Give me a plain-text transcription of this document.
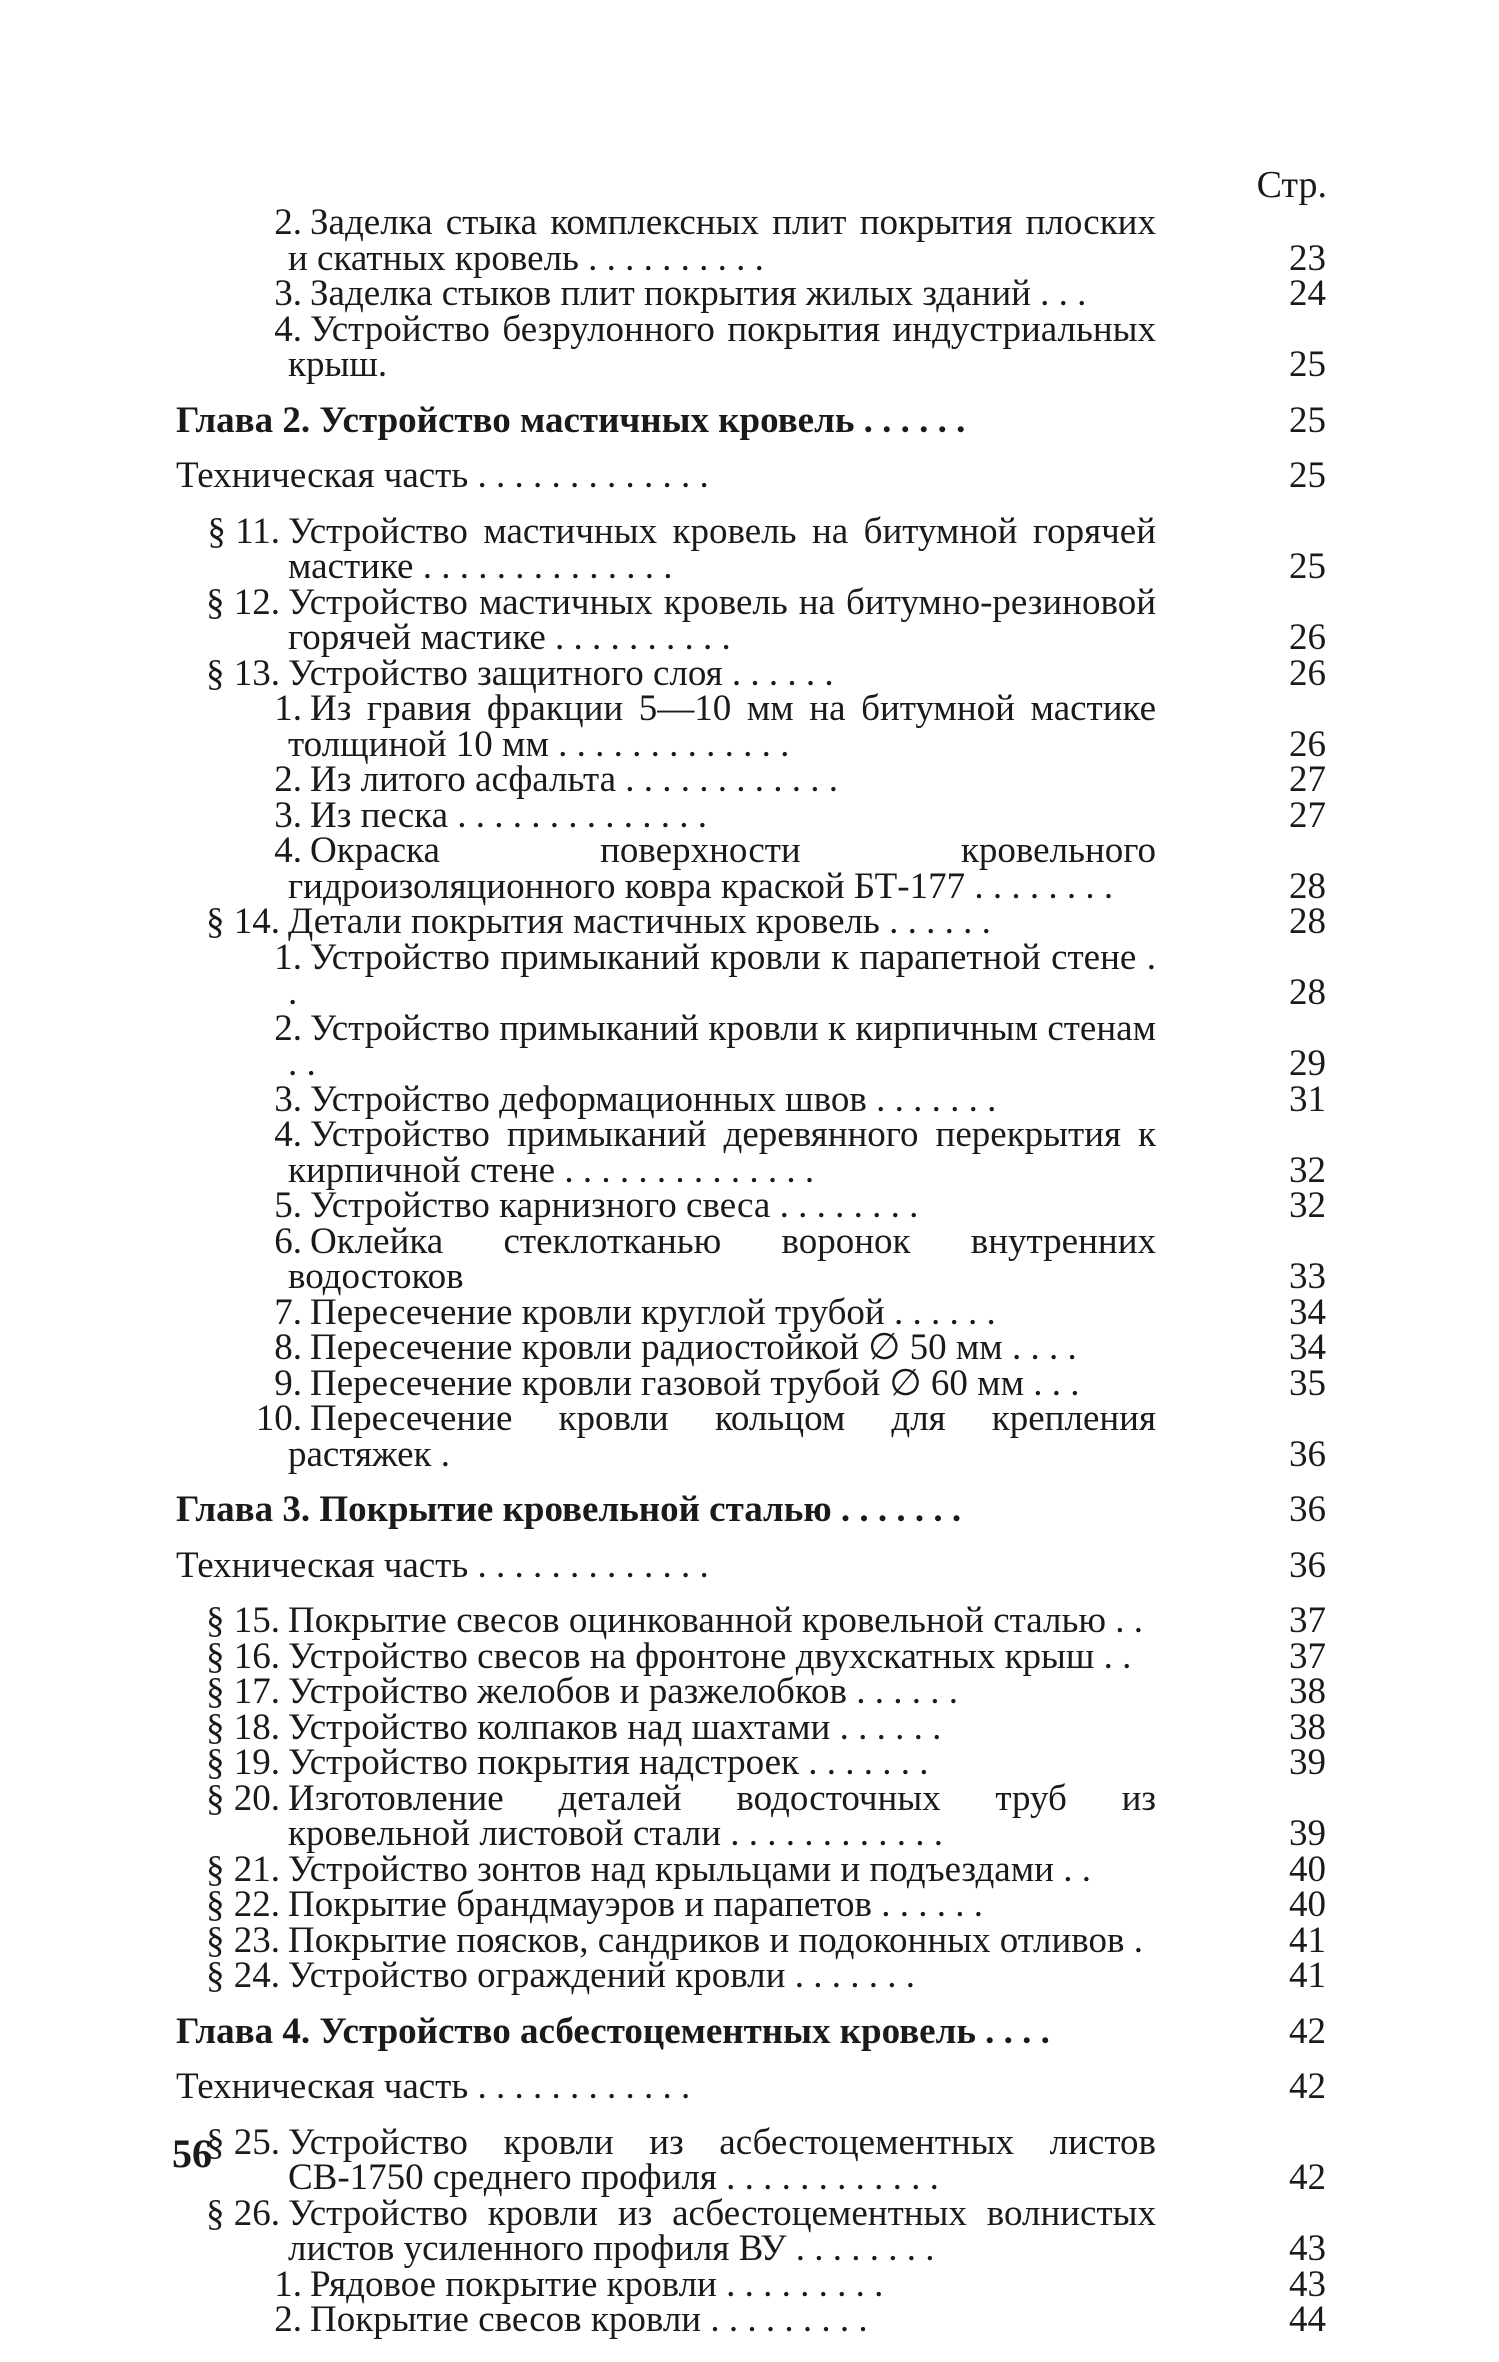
Стр.
2. Заделка стыка комплексных плит покрытия плоских и скатных кровель . . . . . . . . . .	23
3. Заделка стыков плит покрытия жилых зданий . . .	24
4. Устройство безрулонного покрытия индустриальных крыш.	25
Глава 2. Устройство мастичных кровель . . . . . .	25
Техническая часть . . . . . . . . . . . . .	25
§ 11. Устройство мастичных кровель на битумной горячей мастике . . . . . . . . . . . . . .	25
§ 12. Устройство мастичных кровель на битумно-резиновой горячей мастике . . . . . . . . . .	26
§ 13. Устройство защитного слоя . . . . . .	26
1. Из гравия фракции 5—10 мм на битумной мастике толщиной 10 мм . . . . . . . . . . . . .	26
2. Из литого асфальта . . . . . . . . . . . .	27
3. Из песка . . . . . . . . . . . . . .	27
4. Окраска поверхности кровельного гидроизоляционного ковра краской БТ-177 . . . . . . . .	28
§ 14. Детали покрытия мастичных кровель . . . . . .	28
1. Устройство примыканий кровли к парапетной стене . .	28
2. Устройство примыканий кровли к кирпичным стенам . .	29
3. Устройство деформационных швов . . . . . . .	31
4. Устройство примыканий деревянного перекрытия к кирпичной стене . . . . . . . . . . . . . .	32
5. Устройство карнизного свеса . . . . . . . .	32
6. Оклейка стеклотканью воронок внутренних водостоков	33
7. Пересечение кровли круглой трубой . . . . . .	34
8. Пересечение кровли радиостойкой ∅ 50 мм . . . .	34
9. Пересечение кровли газовой трубой ∅ 60 мм . . .	35
10. Пересечение кровли кольцом для крепления растяжек .	36
Глава 3. Покрытие кровельной сталью . . . . . . .	36
Техническая часть . . . . . . . . . . . . .	36
§ 15. Покрытие свесов оцинкованной кровельной сталью . .	37
§ 16. Устройство свесов на фронтоне двухскатных крыш . .	37
§ 17. Устройство желобов и разжелобков . . . . . .	38
§ 18. Устройство колпаков над шахтами . . . . . .	38
§ 19. Устройство покрытия надстроек . . . . . . .	39
§ 20. Изготовление деталей водосточных труб из кровельной листовой стали . . . . . . . . . . . .	39
§ 21. Устройство зонтов над крыльцами и подъездами . .	40
§ 22. Покрытие брандмауэров и парапетов . . . . . .	40
§ 23. Покрытие поясков, сандриков и подоконных отливов .	41
§ 24. Устройство ограждений кровли . . . . . . .	41
Глава 4. Устройство асбестоцементных кровель . . . .	42
Техническая часть . . . . . . . . . . . .	42
§ 25. Устройство кровли из асбестоцементных листов СВ-1750 среднего профиля . . . . . . . . . . . .	42
§ 26. Устройство кровли из асбестоцементных волнистых листов усиленного профиля ВУ . . . . . . . .	43
1. Рядовое покрытие кровли . . . . . . . . .	43
2. Покрытие свесов кровли . . . . . . . . .	44
56
